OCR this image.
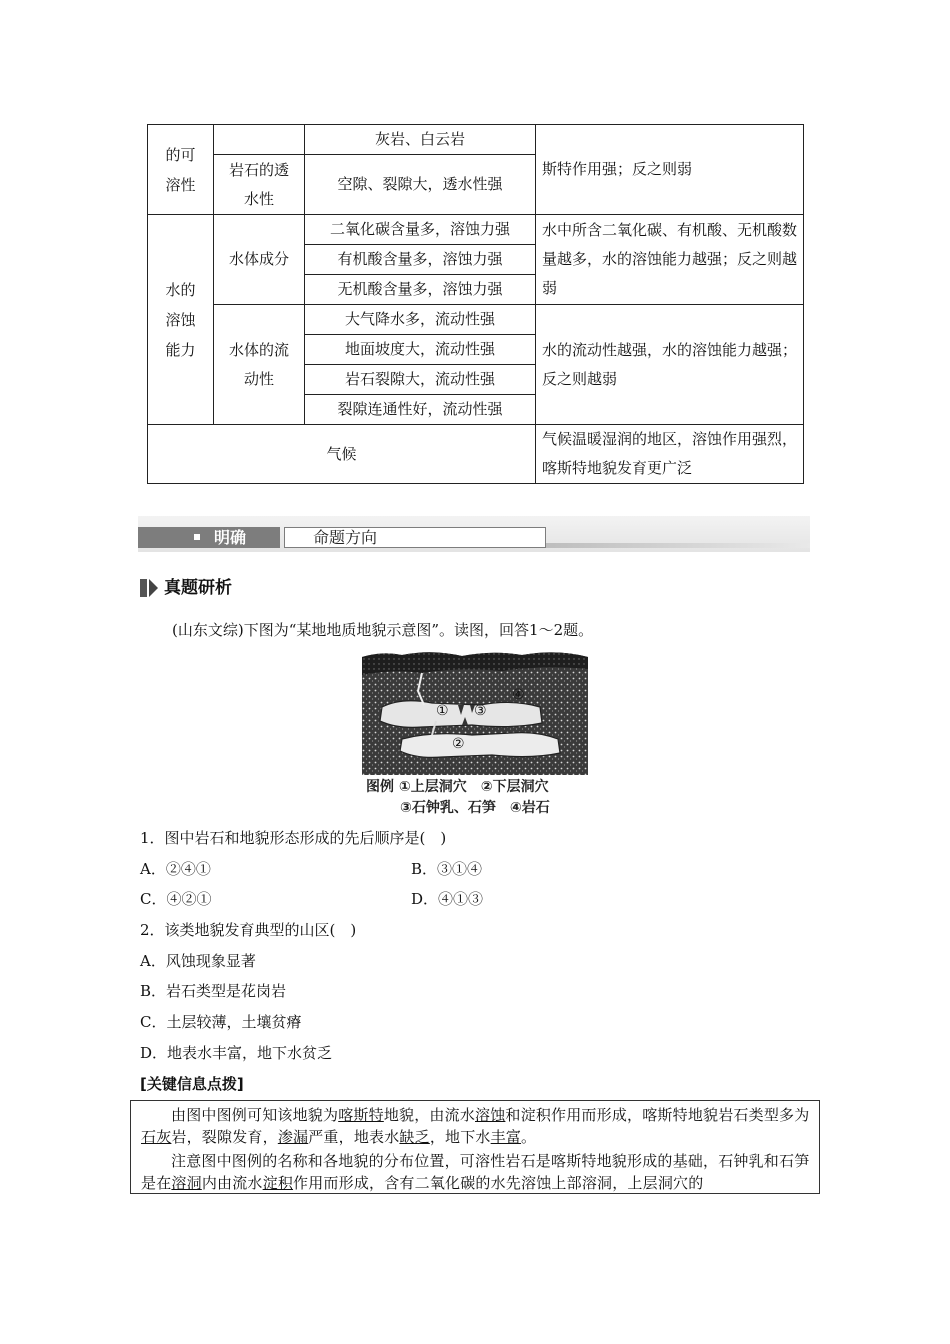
的可溶性		灰岩、白云岩	斯特作用强；反之则弱

	岩石的透水性	空隙、裂隙大，透水性强	

水的溶蚀能力	水体成分	二氧化碳含量多，溶蚀力强	水中所含二氧化碳、有机酸、无机酸数量越多，水的溶蚀能力越强；反之则越弱
		有机酸含量多，溶蚀力强	
		无机酸含量多，溶蚀力强	

	水体的流动性	大气降水多，流动性强	水的流动性越强，水的溶蚀能力越强；反之则越弱
		地面坡度大，流动性强	
		岩石裂隙大，流动性强	
		裂隙连通性好，流动性强	
气候			气候温暖湿润的地区，溶蚀作用强烈，喀斯特地貌发育更广泛
明确	命题方向
真题研析
(山东文综)下图为“某地地质地貌示意图”。读图，回答1～2题。
①
②
③
④
图例 ①上层洞穴　②下层洞穴
③石钟乳、石笋　④岩石
1．图中岩石和地貌形态形成的先后顺序是(　)
A．②④①	B．③①④
C．④②①	D．④①③
2．该类地貌发育典型的山区(　)
A．风蚀现象显著
B．岩石类型是花岗岩
C．土层较薄，土壤贫瘠
D．地表水丰富，地下水贫乏
[关键信息点拨]

由图中图例可知该地貌为喀斯特地貌，由流水溶蚀和淀积作用而形成，喀斯特地貌岩石类型多为石灰岩，裂隙发育，渗漏严重，地表水缺乏，地下水丰富。

注意图中图例的名称和各地貌的分布位置，可溶性岩石是喀斯特地貌形成的基础，石钟乳和石笋是在溶洞内由流水淀积作用而形成，含有二氧化碳的水先溶蚀上部溶洞，上层洞穴的
